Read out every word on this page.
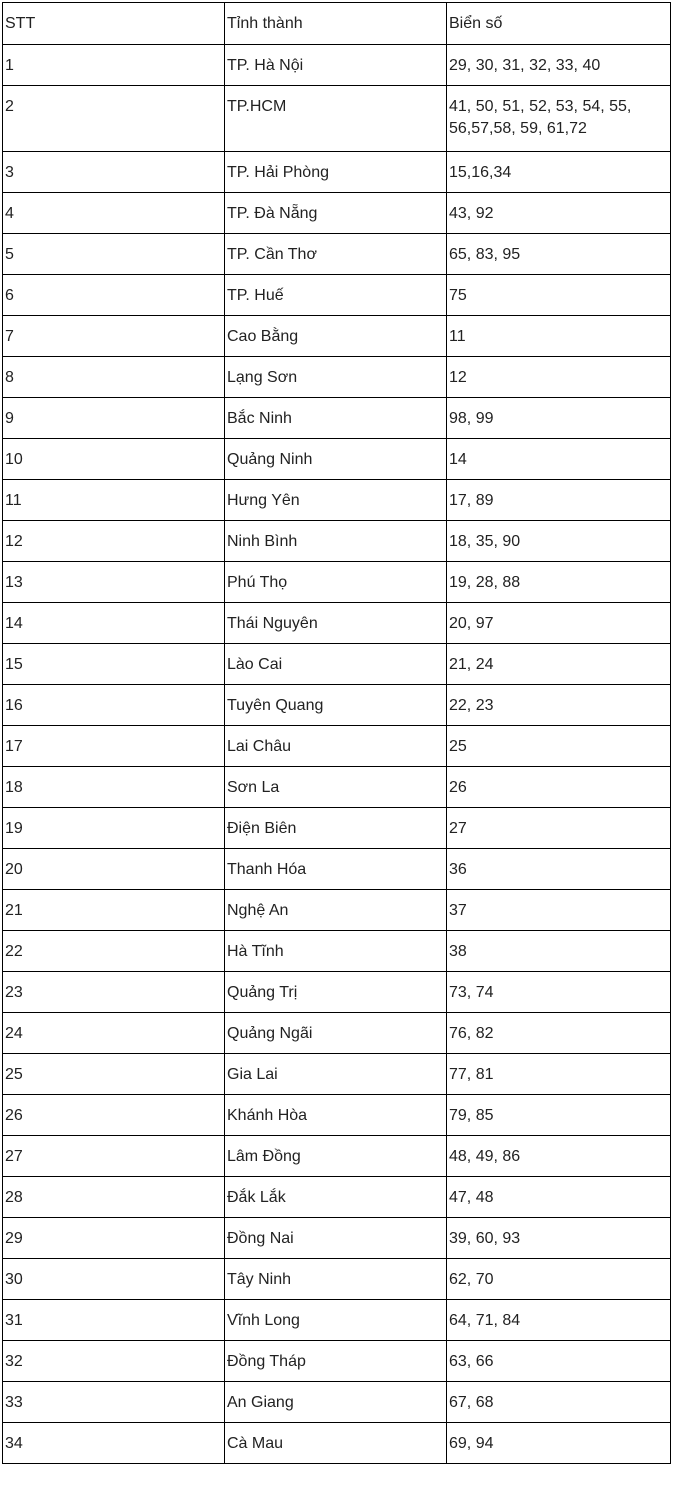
STT	Tỉnh thành	Biển số
1	TP. Hà Nội	29, 30, 31, 32, 33, 40
2	TP.HCM	41, 50, 51, 52, 53, 54, 55, 56,57,58, 59, 61,72
3	TP. Hải Phòng	15,16,34
4	TP. Đà Nẵng	43, 92
5	TP. Cần Thơ	65, 83, 95
6	TP. Huế	75
7	Cao Bằng	11
8	Lạng Sơn	12
9	Bắc Ninh	98, 99
10	Quảng Ninh	14
11	Hưng Yên	17, 89
12	Ninh Bình	18, 35, 90
13	Phú Thọ	19, 28, 88
14	Thái Nguyên	20, 97
15	Lào Cai	21, 24
16	Tuyên Quang	22, 23
17	Lai Châu	25
18	Sơn La	26
19	Điện Biên	27
20	Thanh Hóa	36
21	Nghệ An	37
22	Hà Tĩnh	38
23	Quảng Trị	73, 74
24	Quảng Ngãi	76, 82
25	Gia Lai	77, 81
26	Khánh Hòa	79, 85
27	Lâm Đồng	48, 49, 86
28	Đắk Lắk	47, 48
29	Đồng Nai	39, 60, 93
30	Tây Ninh	62, 70
31	Vĩnh Long	64, 71, 84
32	Đồng Tháp	63, 66
33	An Giang	67, 68
34	Cà Mau	69, 94
